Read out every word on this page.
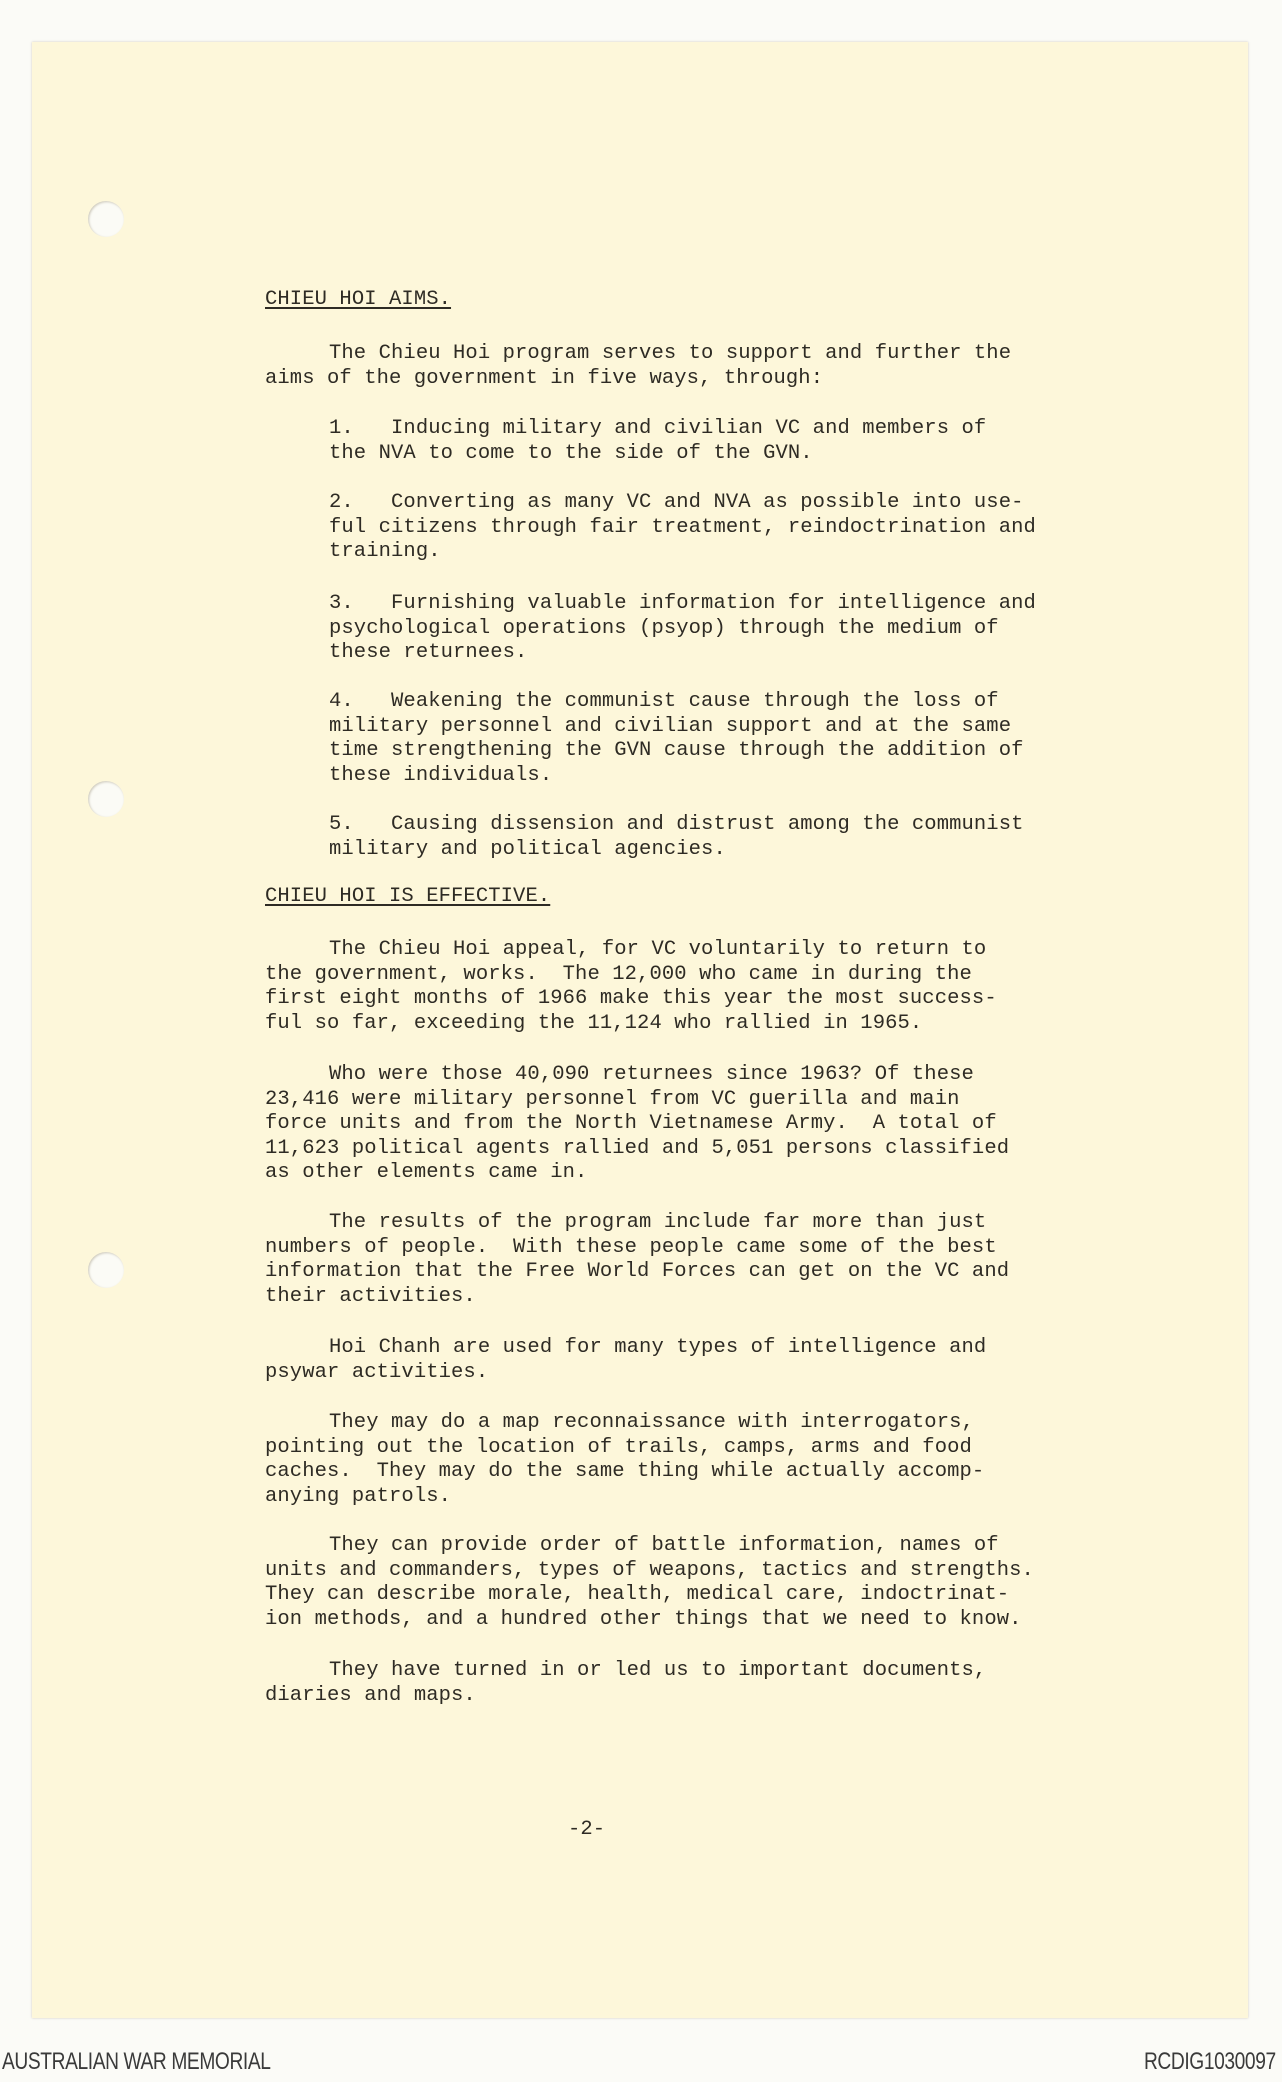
CHIEU HOI AIMS.
The Chieu Hoi program serves to support and further the
aims of the government in five ways, through:
1.   Inducing military and civilian VC and members of
the NVA to come to the side of the GVN.
2.   Converting as many VC and NVA as possible into use-
ful citizens through fair treatment, reindoctrination and
training.
3.   Furnishing valuable information for intelligence and
psychological operations (psyop) through the medium of
these returnees.
4.   Weakening the communist cause through the loss of
military personnel and civilian support and at the same
time strengthening the GVN cause through the addition of
these individuals.
5.   Causing dissension and distrust among the communist
military and political agencies.
CHIEU HOI IS EFFECTIVE.
The Chieu Hoi appeal, for VC voluntarily to return to
the government, works.  The 12,000 who came in during the
first eight months of 1966 make this year the most success-
ful so far, exceeding the 11,124 who rallied in 1965.
Who were those 40,090 returnees since 1963? Of these
23,416 were military personnel from VC guerilla and main
force units and from the North Vietnamese Army.  A total of
11,623 political agents rallied and 5,051 persons classified
as other elements came in.
The results of the program include far more than just
numbers of people.  With these people came some of the best
information that the Free World Forces can get on the VC and
their activities.
Hoi Chanh are used for many types of intelligence and
psywar activities.
They may do a map reconnaissance with interrogators,
pointing out the location of trails, camps, arms and food
caches.  They may do the same thing while actually accomp-
anying patrols.
They can provide order of battle information, names of
units and commanders, types of weapons, tactics and strengths.
They can describe morale, health, medical care, indoctrinat-
ion methods, and a hundred other things that we need to know.
They have turned in or led us to important documents,
diaries and maps.
-2-
AUSTRALIAN WAR MEMORIAL	RCDIG1030097
